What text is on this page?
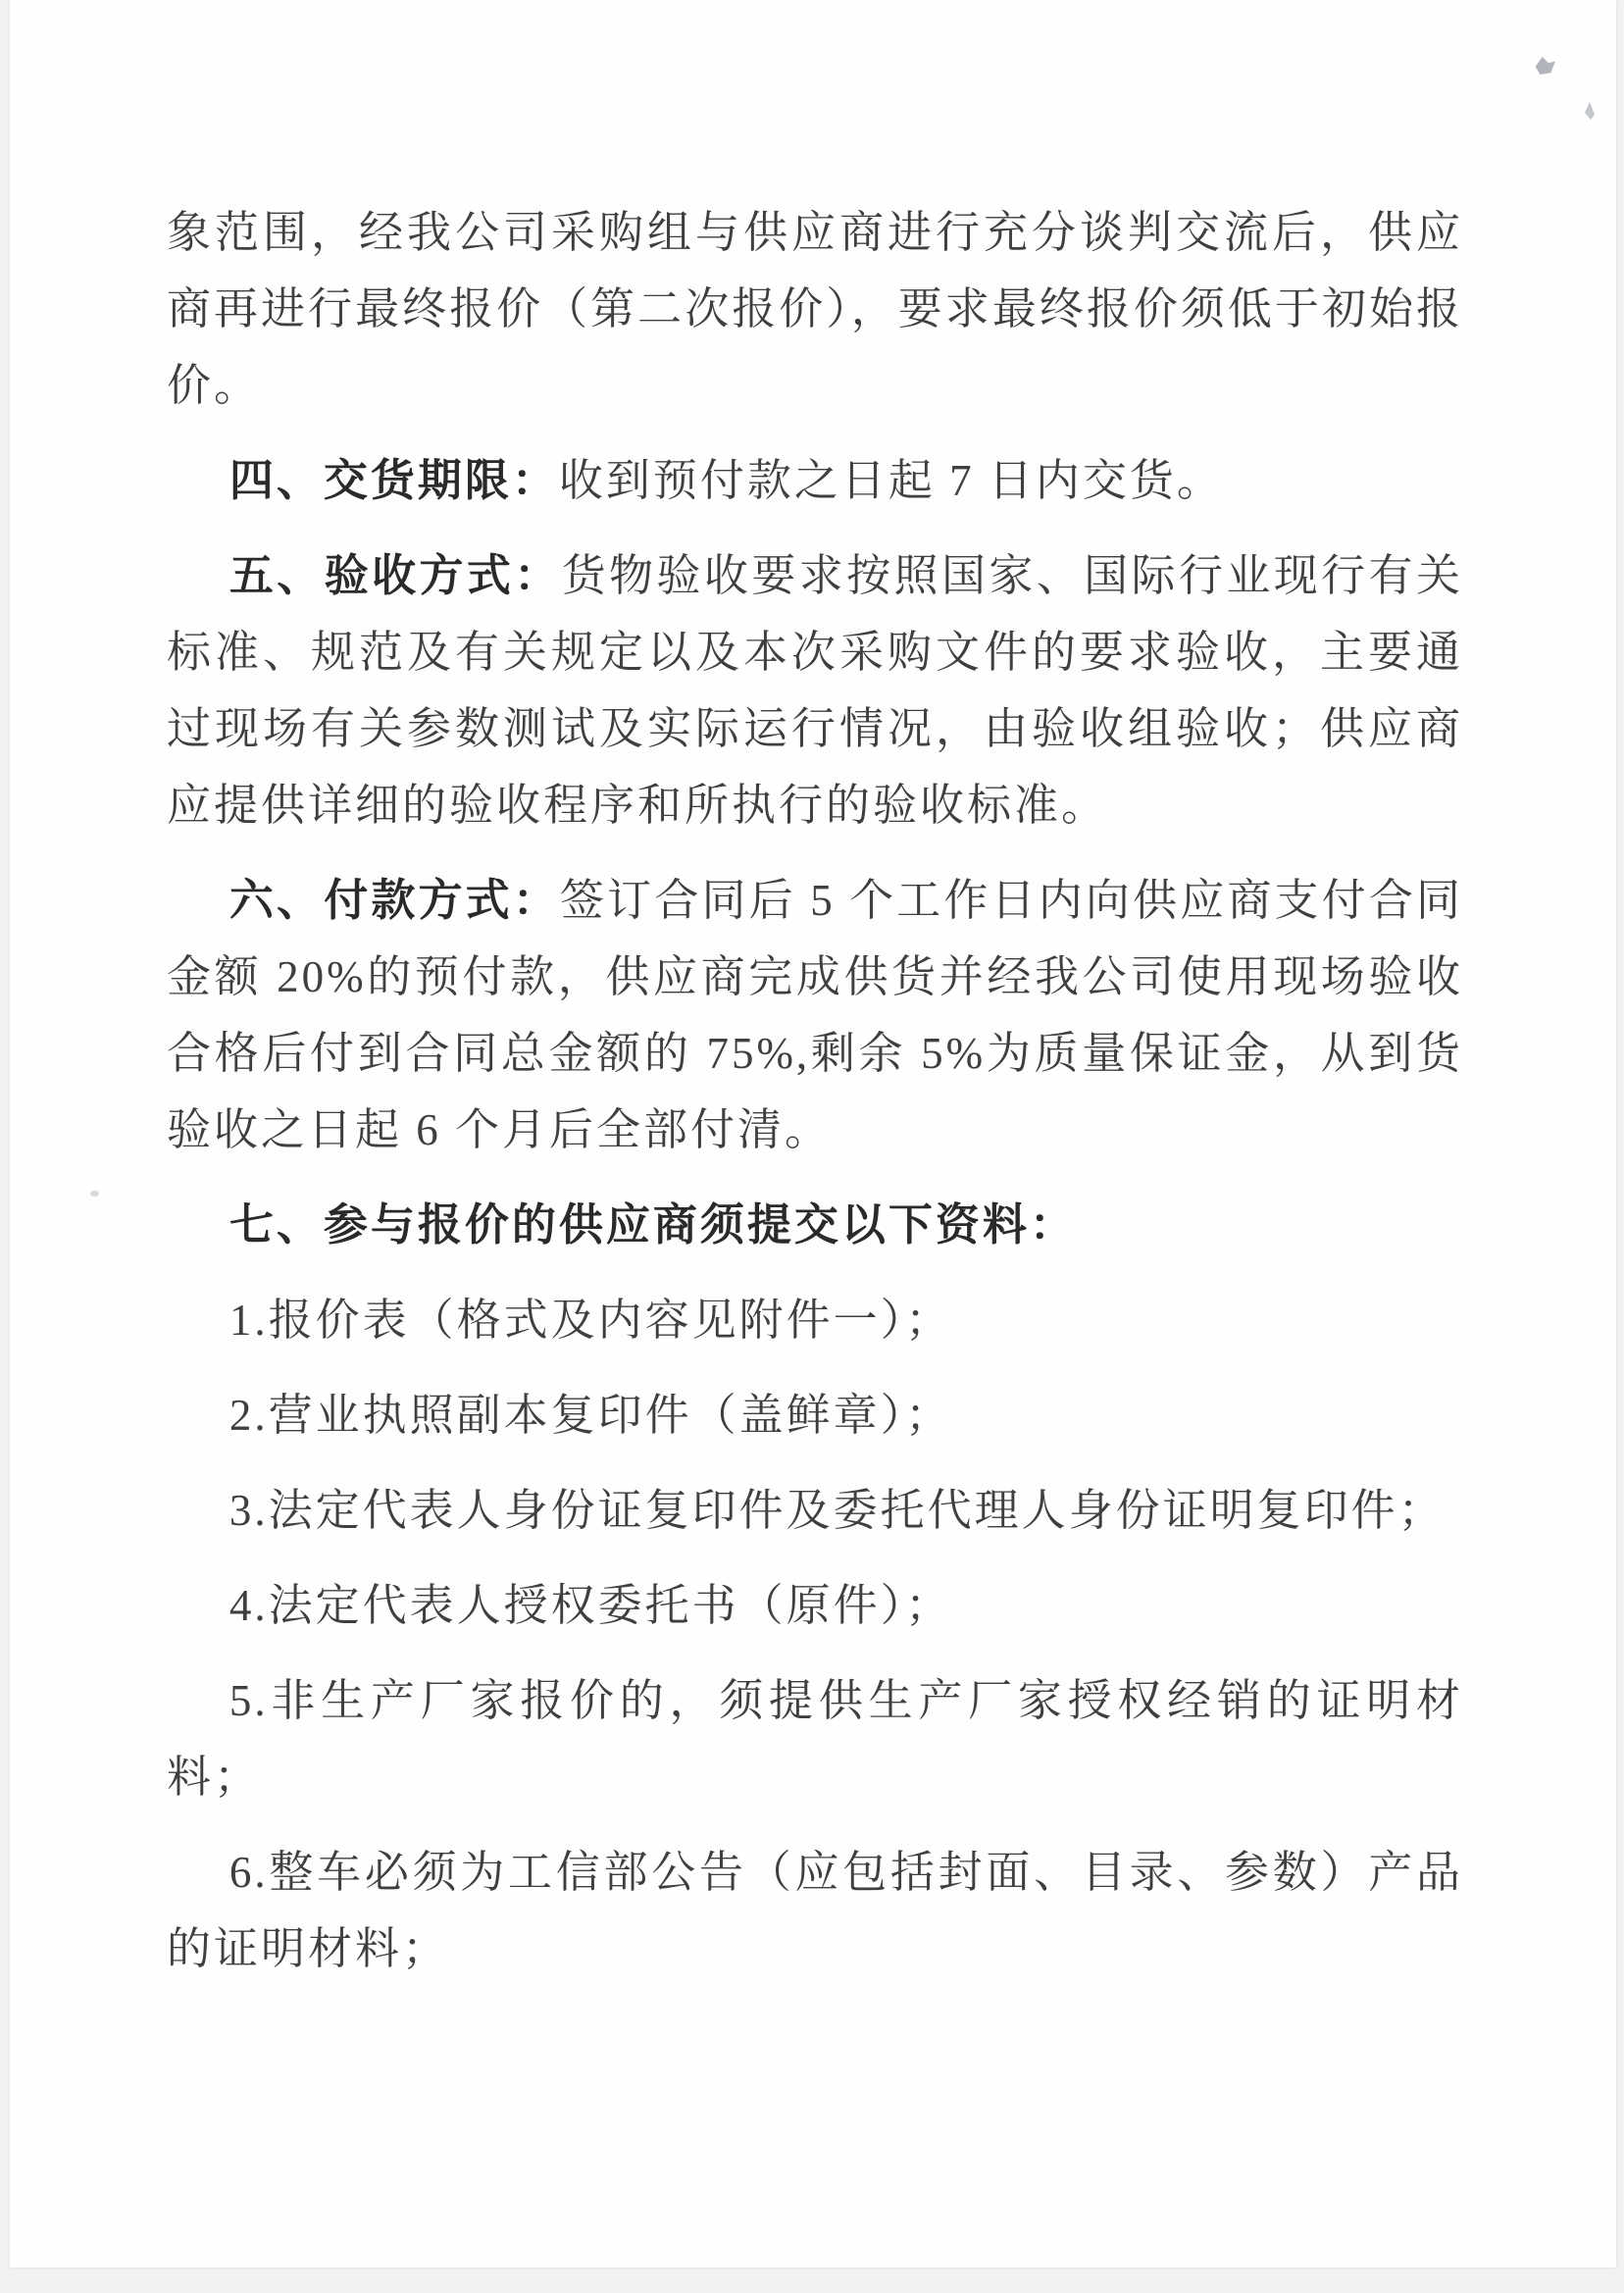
象范围，经我公司采购组与供应商进行充分谈判交流后，供应商再进行最终报价（第二次报价），要求最终报价须低于初始报价。

四、交货期限：收到预付款之日起 7 日内交货。

五、验收方式：货物验收要求按照国家、国际行业现行有关标准、规范及有关规定以及本次采购文件的要求验收，主要通过现场有关参数测试及实际运行情况，由验收组验收；供应商应提供详细的验收程序和所执行的验收标准。

六、付款方式：签订合同后 5 个工作日内向供应商支付合同金额 20%的预付款，供应商完成供货并经我公司使用现场验收合格后付到合同总金额的 75%,剩余 5%为质量保证金，从到货验收之日起 6 个月后全部付清。

七、参与报价的供应商须提交以下资料：

1.报价表（格式及内容见附件一）；

2.营业执照副本复印件（盖鲜章）；

3.法定代表人身份证复印件及委托代理人身份证明复印件；

4.法定代表人授权委托书（原件）；

5.非生产厂家报价的，须提供生产厂家授权经销的证明材料；

6.整车必须为工信部公告（应包括封面、目录、参数）产品的证明材料；
